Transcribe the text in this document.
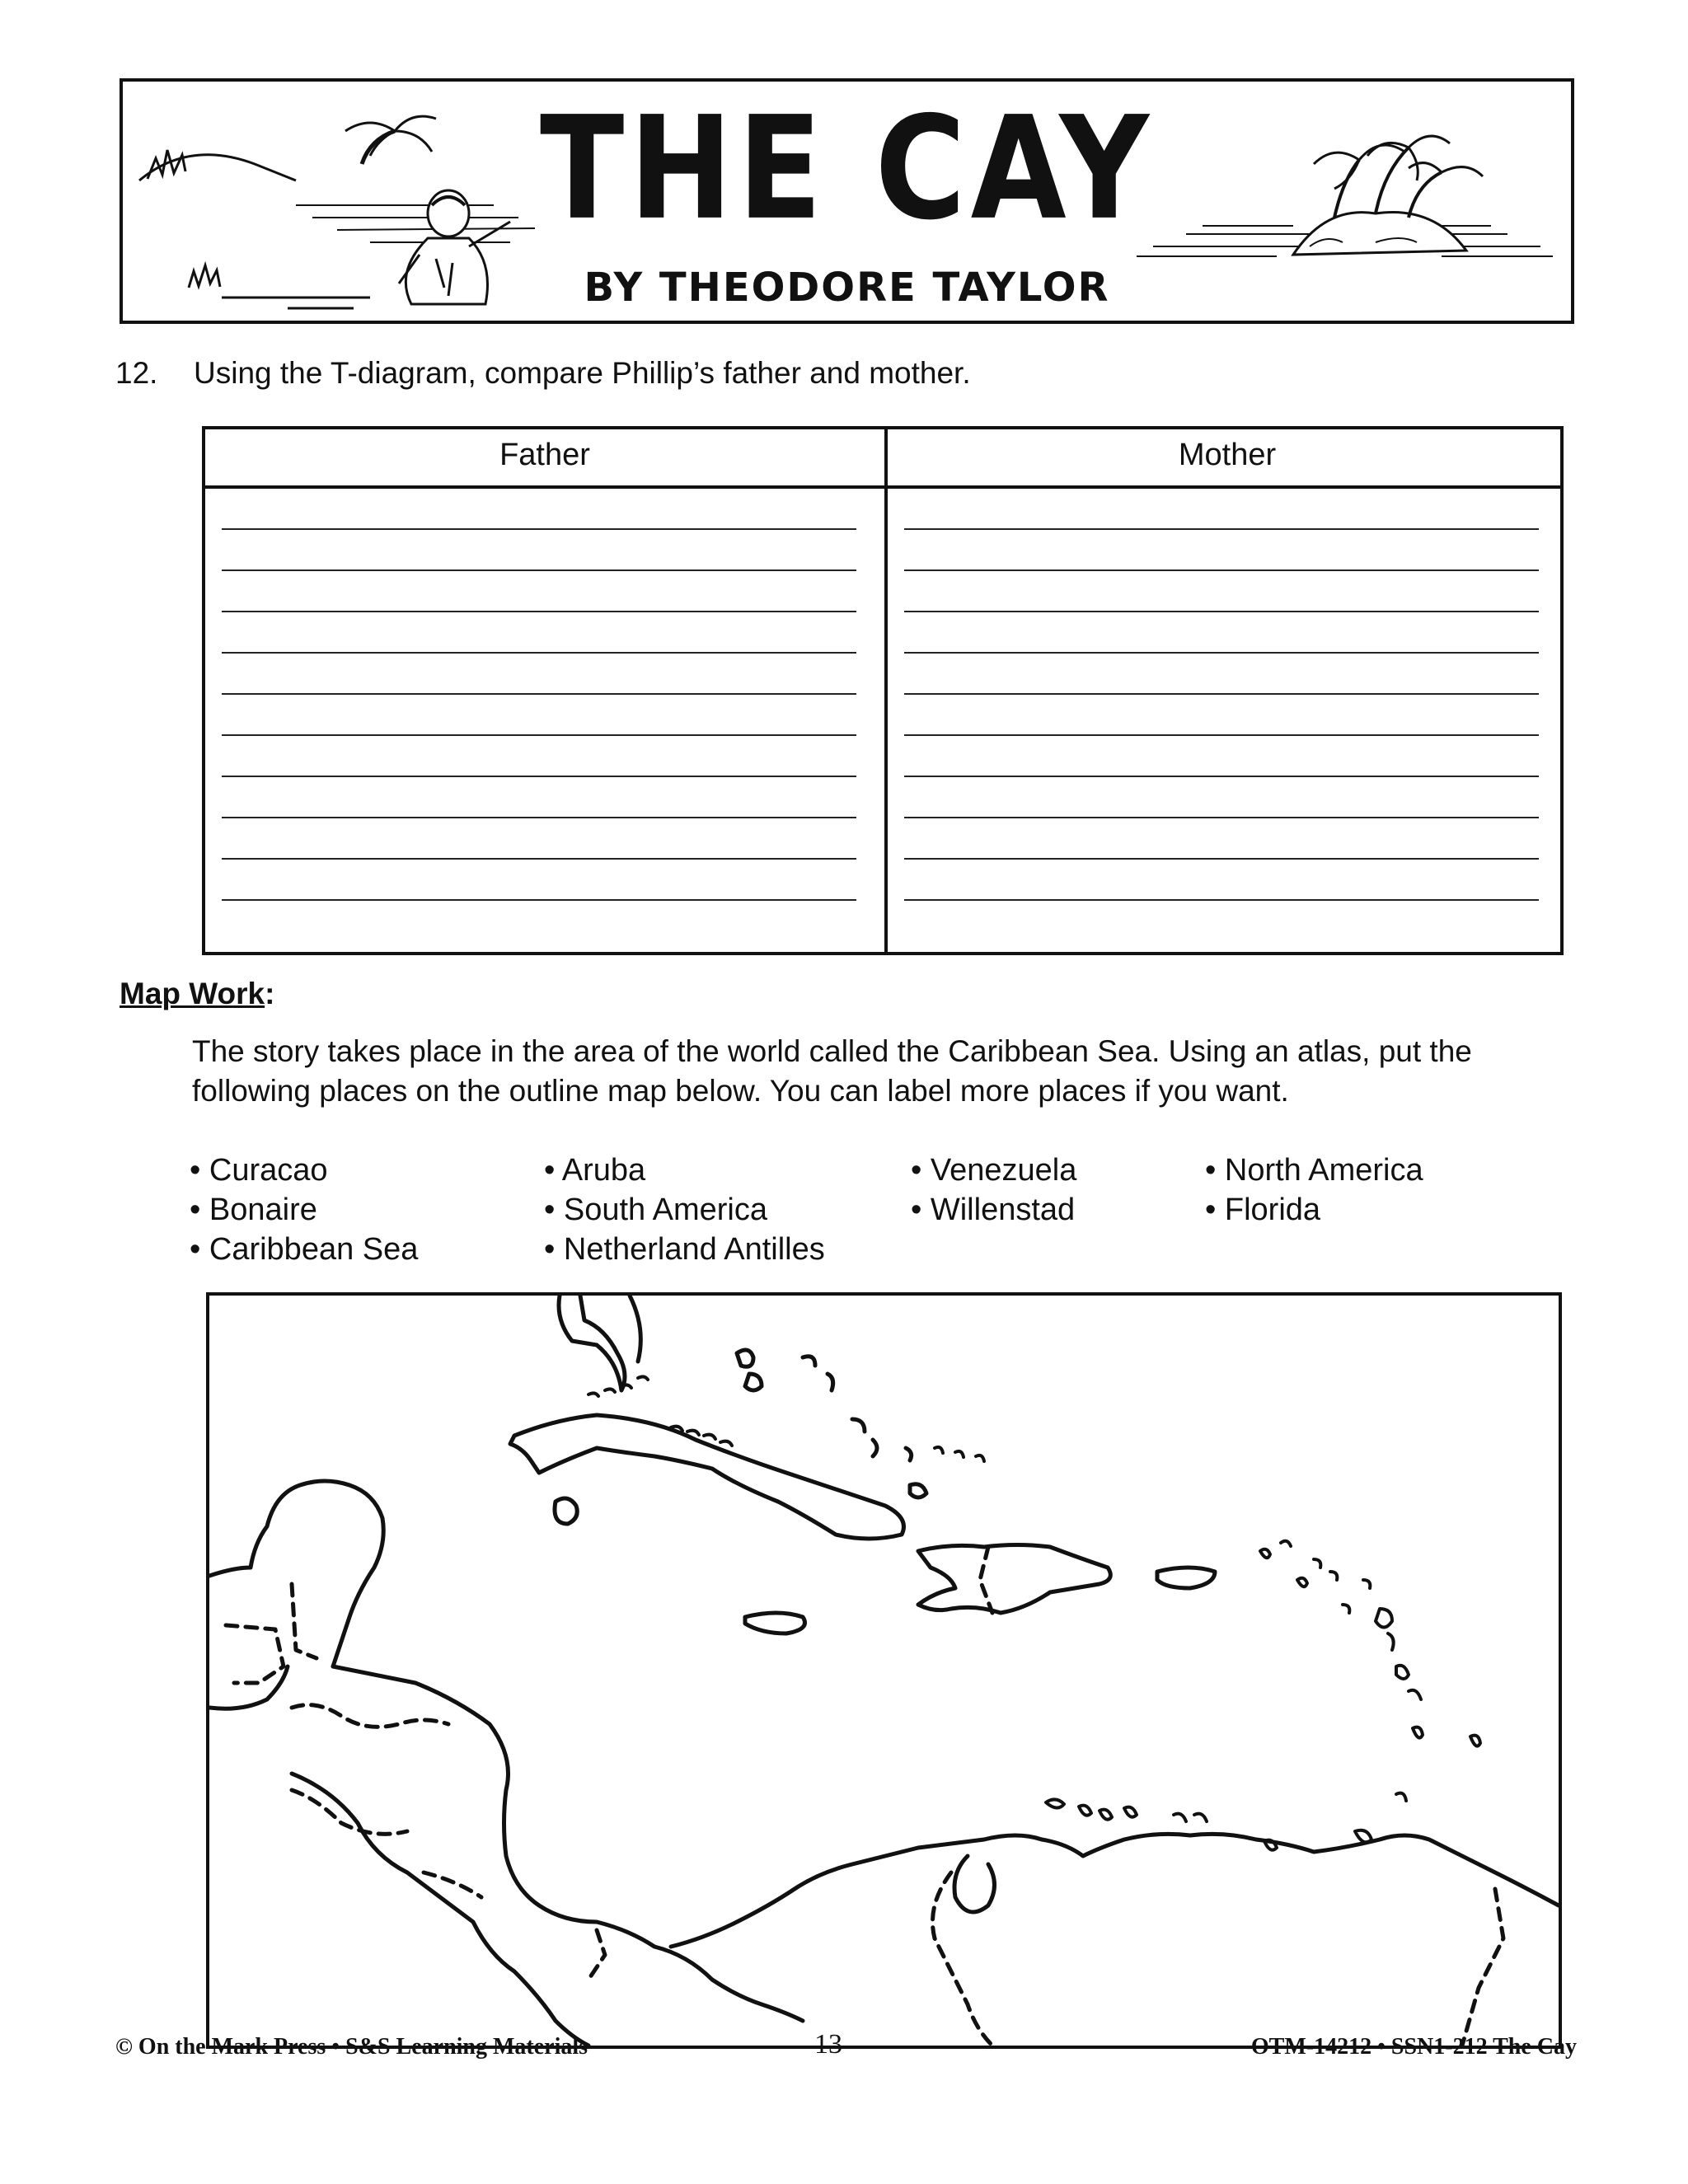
THE CAY
BY THEODORE TAYLOR
12. Using the T-diagram, compare Phillip’s father and mother.
Father	Mother
Map Work:
The story takes place in the area of the world called the Caribbean Sea. Using an atlas, put the following places on the outline map below. You can label more places if you want.
• Curacao
• Bonaire
• Caribbean Sea
• Aruba
• South America
• Netherland Antilles
• Venezuela
• Willenstad
• North America
• Florida
© On the Mark Press • S&S Learning Materials	13	OTM-14212 • SSN1-212 The Cay
